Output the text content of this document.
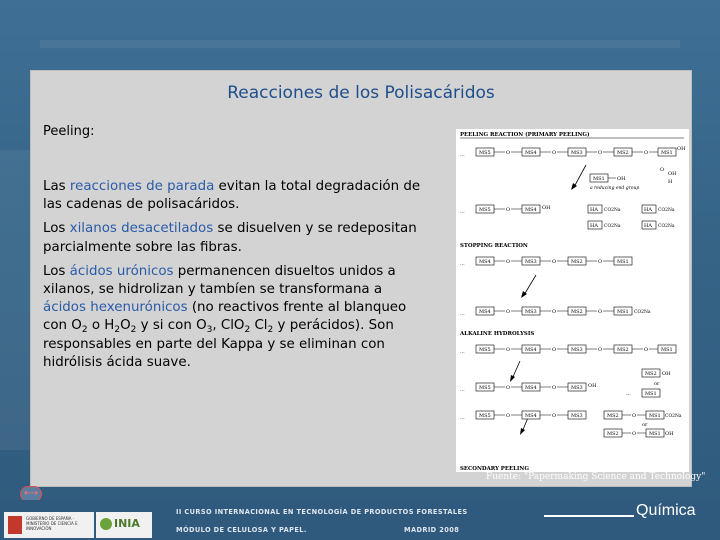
Reacciones de los Polisacáridos
Peeling:

Las reacciones de parada evitan la total degradación de las cadenas de polisacáridos.

Los xilanos desacetilados se disuelven y se redepositan parcialmente sobre las fibras.

Los ácidos urónicos permanencen disueltos unidos a xilanos, se hidrolizan y tambíen se transformana a ácidos hexenurónicos (no reactivos frente al blanqueo con $O_2$ o $H_2O_2$ y si con $O_3$, ClO$_2$ $Cl_2$ y perácidos). Son responsables en parte del Kappa y se eliminan con hidrólisis ácida suave.

PEELING REACTION (PRIMARY PEELING)
STOPPING REACTION
ALKALINE HYDROLYSIS
SECONDARY PEELING
...	MS5	O	MS4	O	MS3	O	MS2	O	MS1
OH
MS1 OH
O
OH
H
a reducing end group
...	MS5	O	MS4 OH	HA CO2Na	HA CO2Na
HA CO2Na	HA CO2Na
...	MS4	O	MS3	O	MS2	O	MS1
...	MS4	O	MS3	O	MS2	O	MS1 CO2Na
...	MS5	O	MS4	O	MS3	O	MS2	O	MS1
...	MS5	O	MS4	O	MS3 OH
MS2 OH
or
...	MS1
...	MS5	O	MS4	O	MS3	MS2	O	MS1 CO2Na
or
MS2	O	MS1 OH
Fuente: "Papermaking Science and Technology"
⟷
GOBIERNO DE ESPAÑA · MINISTERIO DE CIENCIA E INNOVACIÓN	INIA
II CURSO INTERNACIONAL EN TECNOLOGÍA DE PRODUCTOS FORESTALES
MÓDULO DE CELULOSA Y PAPEL.	MADRID 2008
Química
